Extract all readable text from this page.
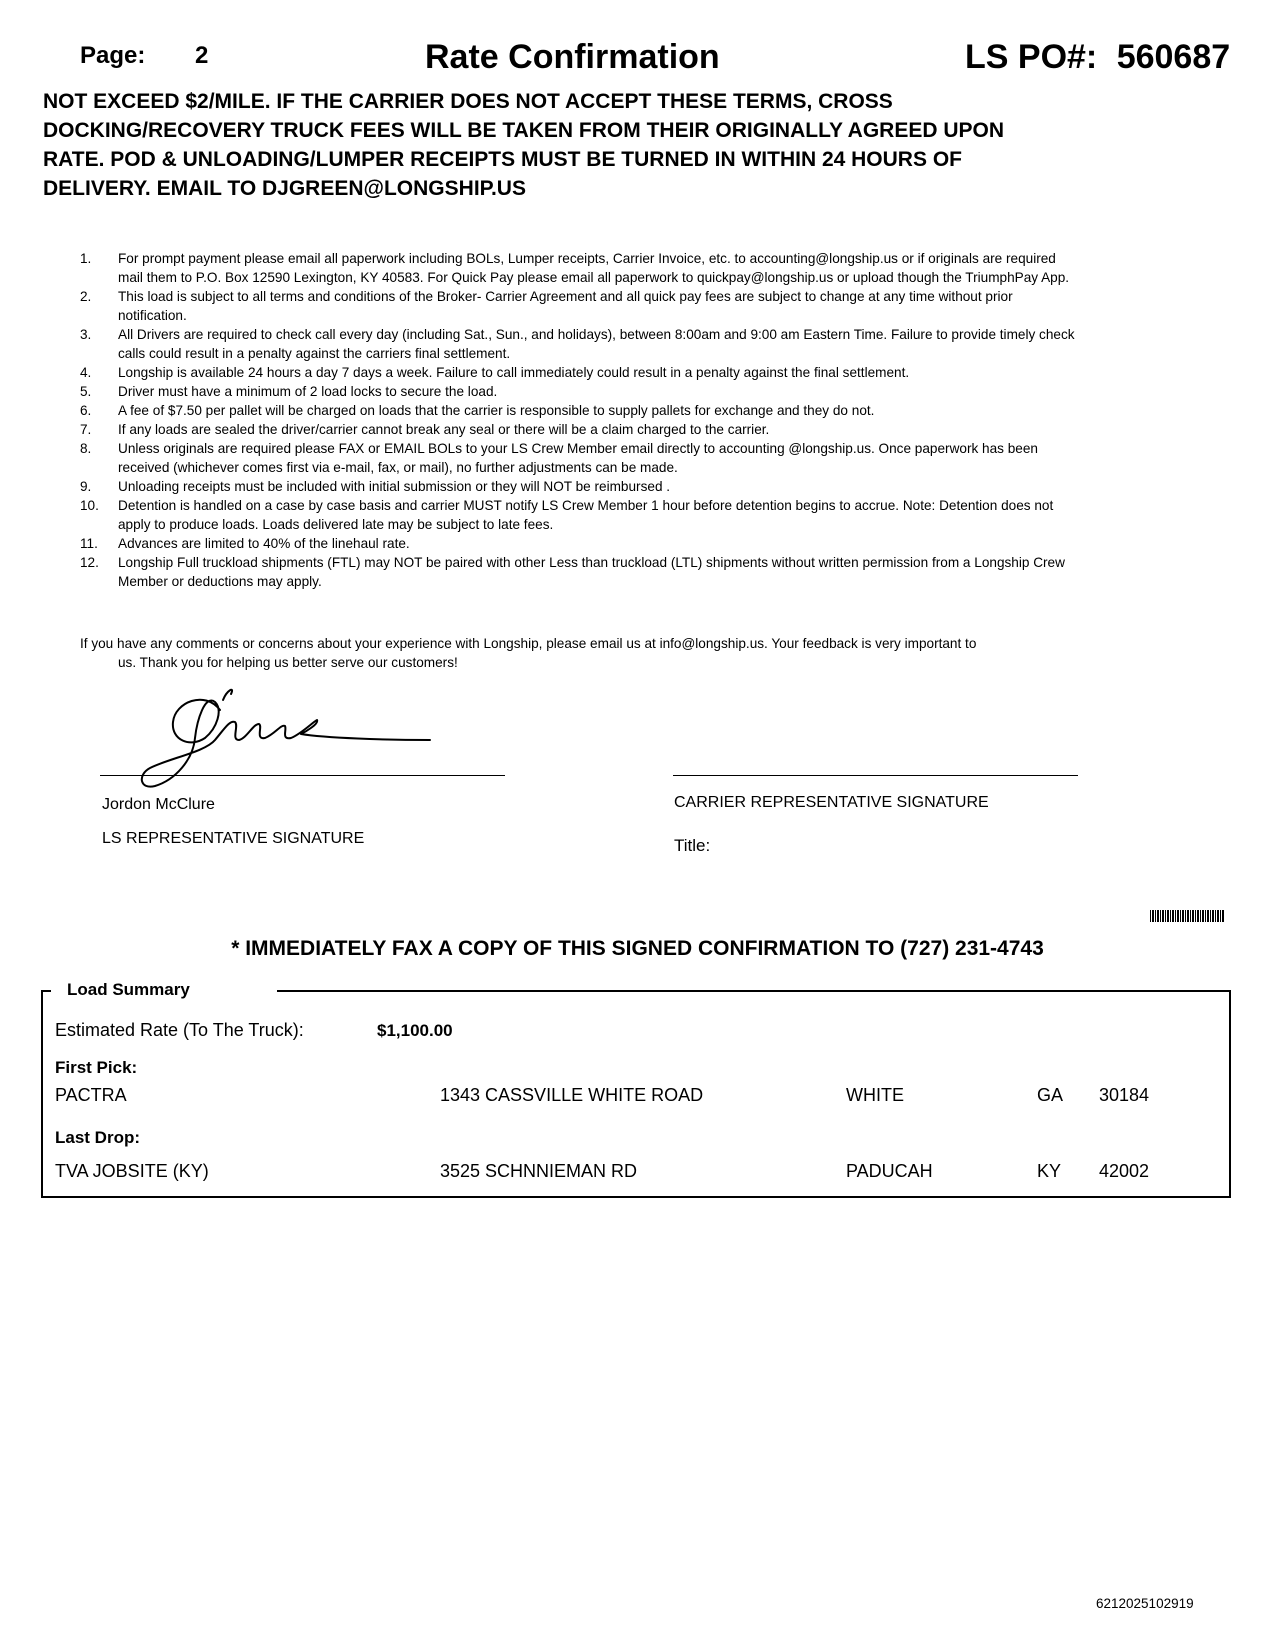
Page: 2	Rate Confirmation	LS PO#: 560687
NOT EXCEED $2/MILE. IF THE CARRIER DOES NOT ACCEPT THESE TERMS, CROSS
DOCKING/RECOVERY TRUCK FEES WILL BE TAKEN FROM THEIR ORIGINALLY AGREED UPON
RATE. POD & UNLOADING/LUMPER RECEIPTS MUST BE TURNED IN WITHIN 24 HOURS OF
DELIVERY. EMAIL TO DJGREEN@LONGSHIP.US
1. For prompt payment please email all paperwork including BOLs, Lumper receipts, Carrier Invoice, etc. to accounting@longship.us or if originals are required mail them to P.O. Box 12590 Lexington, KY 40583. For Quick Pay please email all paperwork to quickpay@longship.us or upload though the TriumphPay App.
2. This load is subject to all terms and conditions of the Broker- Carrier Agreement and all quick pay fees are subject to change at any time without prior notification.
3. All Drivers are required to check call every day (including Sat., Sun., and holidays), between 8:00am and 9:00 am Eastern Time. Failure to provide timely check calls could result in a penalty against the carriers final settlement.
4. Longship is available 24 hours a day 7 days a week. Failure to call immediately could result in a penalty against the final settlement.
5. Driver must have a minimum of 2 load locks to secure the load.
6. A fee of $7.50 per pallet will be charged on loads that the carrier is responsible to supply pallets for exchange and they do not.
7. If any loads are sealed the driver/carrier cannot break any seal or there will be a claim charged to the carrier.
8. Unless originals are required please FAX or EMAIL BOLs to your LS Crew Member email directly to accounting @longship.us. Once paperwork has been received (whichever comes first via e-mail, fax, or mail), no further adjustments can be made.
9. Unloading receipts must be included with initial submission or they will NOT be reimbursed .
10. Detention is handled on a case by case basis and carrier MUST notify LS Crew Member 1 hour before detention begins to accrue. Note: Detention does not apply to produce loads. Loads delivered late may be subject to late fees.
11. Advances are limited to 40% of the linehaul rate.
12. Longship Full truckload shipments (FTL) may NOT be paired with other Less than truckload (LTL) shipments without written permission from a Longship Crew Member or deductions may apply.
If you have any comments or concerns about your experience with Longship, please email us at info@longship.us. Your feedback is very important to
us. Thank you for helping us better serve our customers!
Jordon McClure
LS REPRESENTATIVE SIGNATURE
CARRIER REPRESENTATIVE SIGNATURE
Title:
* IMMEDIATELY FAX A COPY OF THIS SIGNED CONFIRMATION TO (727) 231-4743
Load Summary
Estimated Rate (To The Truck):	$1,100.00
First Pick:
PACTRA	1343 CASSVILLE WHITE ROAD	WHITE	GA 30184
Last Drop:
TVA JOBSITE (KY)	3525 SCHNNIEMAN RD	PADUCAH	KY 42002
6212025102919
